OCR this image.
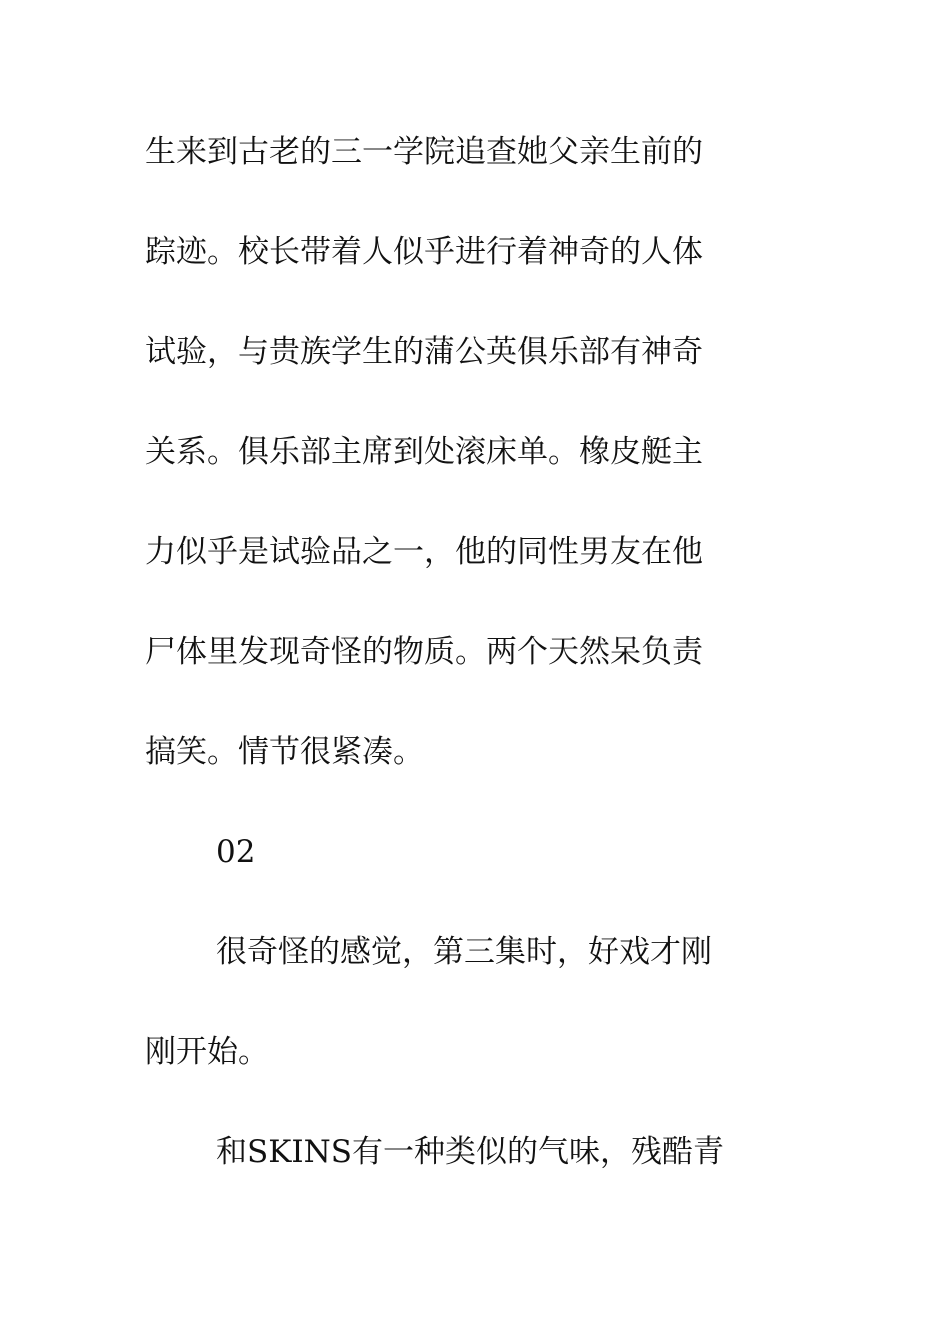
生来到古老的三一学院追查她父亲生前的
踪迹。校长带着人似乎进行着神奇的人体
试验，与贵族学生的蒲公英俱乐部有神奇
关系。俱乐部主席到处滚床单。橡皮艇主
力似乎是试验品之一，他的同性男友在他
尸体里发现奇怪的物质。两个天然呆负责
搞笑。情节很紧凑。
02
很奇怪的感觉，第三集时，好戏才刚
刚开始。
和SKINS有一种类似的气味，残酷青
